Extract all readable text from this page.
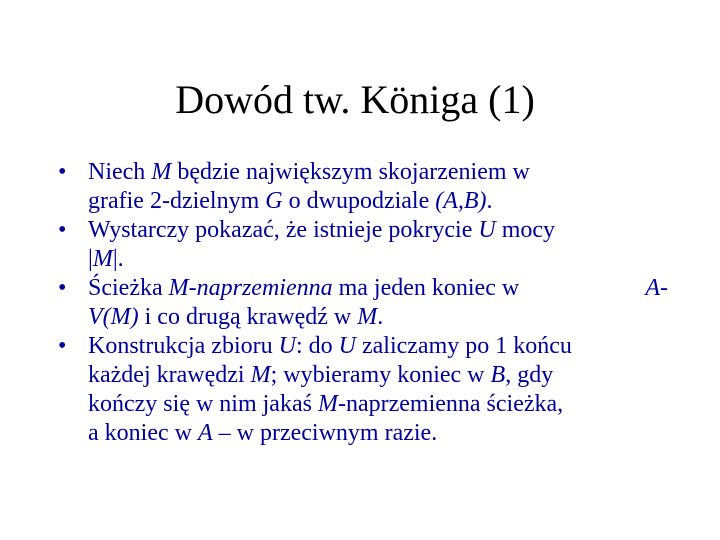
Dowód tw. Königa (1)
• Niech M będzie największym skojarzeniem w
grafie 2-dzielnym G o dwupodziale (A,B).
• Wystarczy pokazać, że istnieje pokrycie U mocy
|M|.
• Ścieżka M-naprzemienna ma jeden koniec w	A-
V(M) i co drugą krawędź w M.
• Konstrukcja zbioru U: do U zaliczamy po 1 końcu
każdej krawędzi M; wybieramy koniec w B, gdy
kończy się w nim jakaś M-naprzemienna ścieżka,
a koniec w A – w przeciwnym razie.
